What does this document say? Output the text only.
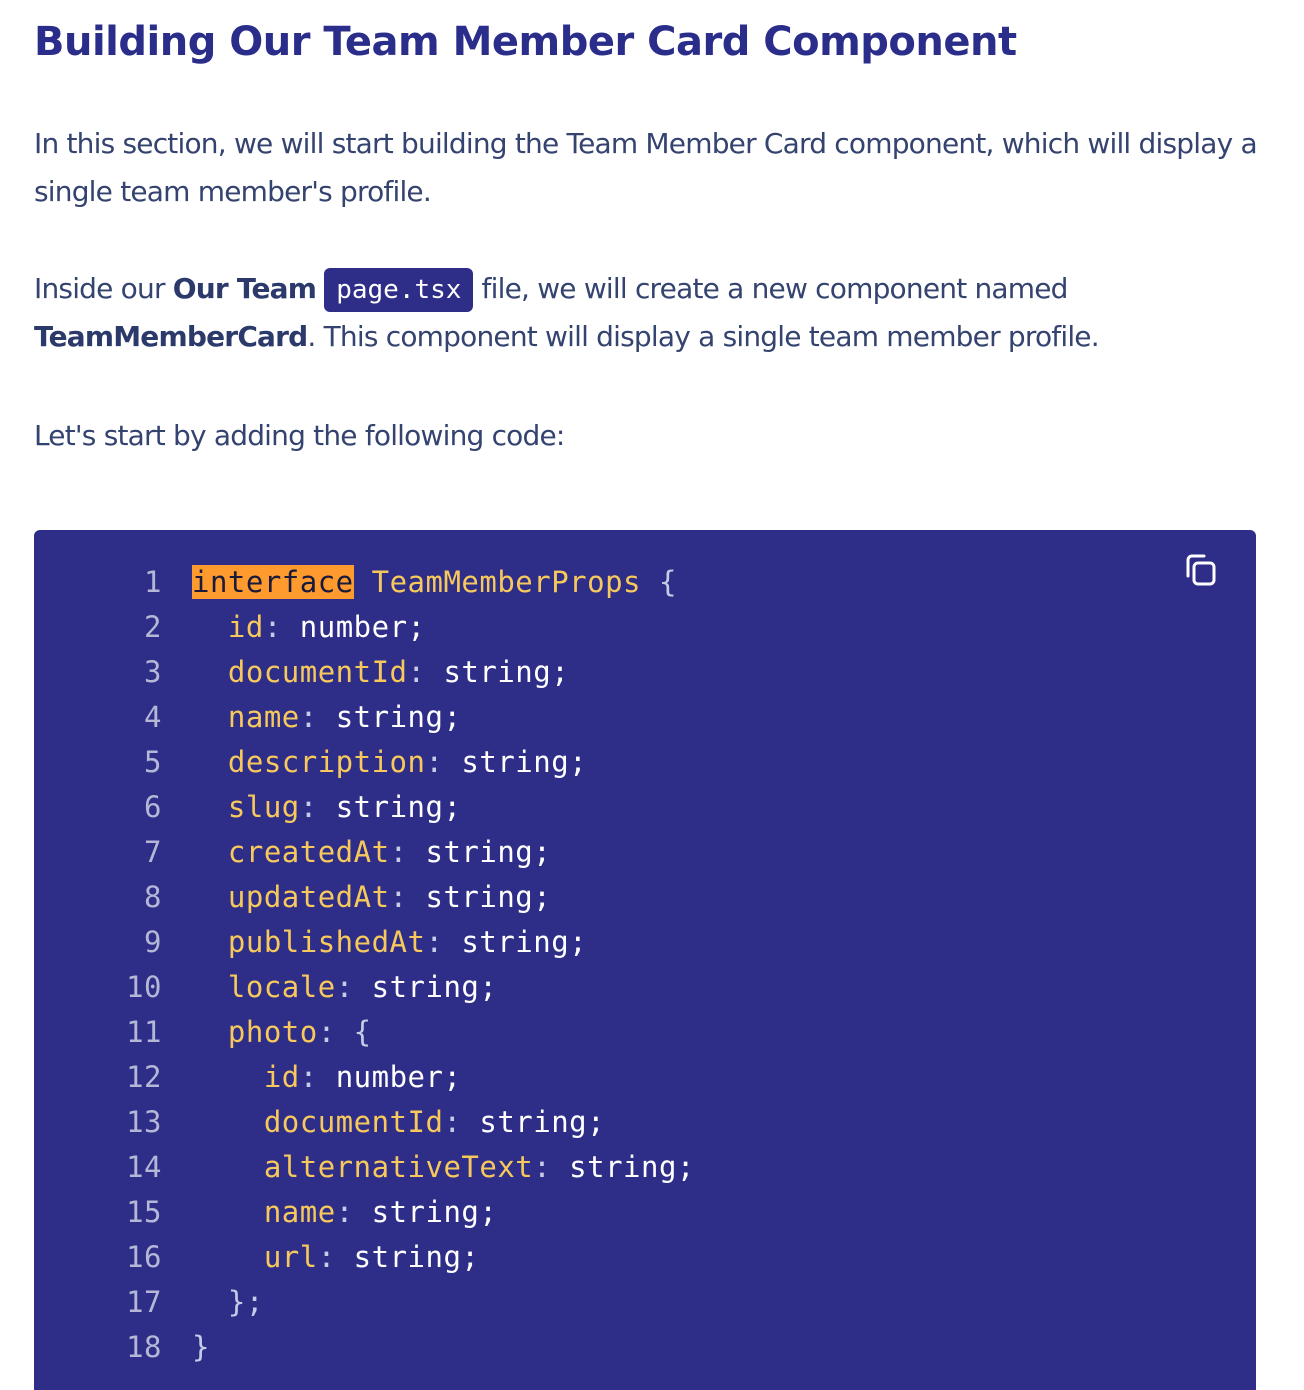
Building Our Team Member Card Component

In this section, we will start building the Team Member Card component, which will display a single team member's profile.

Inside our Our Team page.tsx file, we will create a new component named TeamMemberCard. This component will display a single team member profile.

Let's start by adding the following code:

1 interface TeamMemberProps {
2	id: number;
3	documentId: string;
4	name: string;
5	description: string;
6	slug: string;
7	createdAt: string;
8	updatedAt: string;
9	publishedAt: string;
10	locale: string;
11	photo: {
12	id: number;
13	documentId: string;
14	alternativeText: string;
15	name: string;
16	url: string;
17	};
18 }
